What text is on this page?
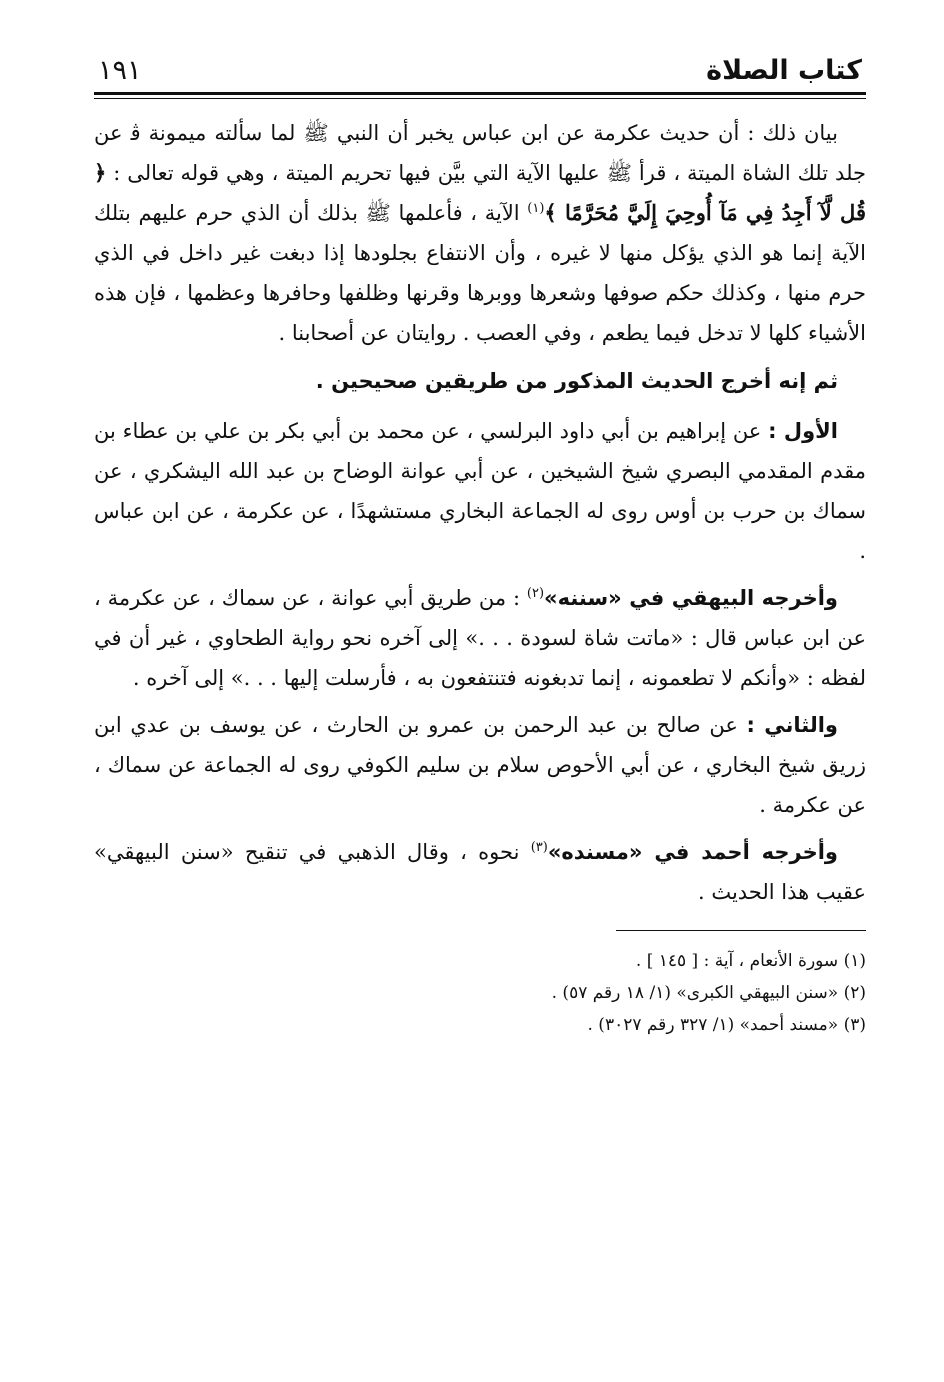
كتاب الصلاة
١٩١

بيان ذلك : أن حديث عكرمة عن ابن عباس يخبر أن النبي ﷺ لما سألته ميمونة ﭬ عن جلد تلك الشاة الميتة ، قرأ ﷺ عليها الآية التي بيَّن فيها تحريم الميتة ، وهي قوله تعالى : ﴿ قُل لَّآ أَجِدُ فِي مَآ أُوحِيَ إِلَيَّ مُحَرَّمًا ﴾$^{(١)}$ الآية ، فأعلمها ﷺ بذلك أن الذي حرم عليهم بتلك الآية إنما هو الذي يؤكل منها لا غيره ، وأن الانتفاع بجلودها إذا دبغت غير داخل في الذي حرم منها ، وكذلك حكم صوفها وشعرها ووبرها وقرنها وظلفها وحافرها وعظمها ، فإن هذه الأشياء كلها لا تدخل فيما يطعم ، وفي العصب . روايتان عن أصحابنا .

ثم إنه أخرج الحديث المذكور من طريقين صحيحين .

الأول : عن إبراهيم بن أبي داود البرلسي ، عن محمد بن أبي بكر بن علي بن عطاء بن مقدم المقدمي البصري شيخ الشيخين ، عن أبي عوانة الوضاح بن عبد الله اليشكري ، عن سماك بن حرب بن أوس روى له الجماعة البخاري مستشهدًا ، عن عكرمة ، عن ابن عباس .

وأخرجه البيهقي في «سننه»$^{(٢)}$ : من طريق أبي عوانة ، عن سماك ، عن عكرمة ، عن ابن عباس قال : «ماتت شاة لسودة . . .» إلى آخره نحو رواية الطحاوي ، غير أن في لفظه : «وأنكم لا تطعمونه ، إنما تدبغونه فتنتفعون به ، فأرسلت إليها . . .» إلى آخره .

والثاني : عن صالح بن عبد الرحمن بن عمرو بن الحارث ، عن يوسف بن عدي ابن زريق شيخ البخاري ، عن أبي الأحوص سلام بن سليم الكوفي روى له الجماعة عن سماك ، عن عكرمة .

وأخرجه أحمد في «مسنده»$^{(٣)}$ نحوه ، وقال الذهبي في تنقيح «سنن البيهقي» عقيب هذا الحديث .

(١) سورة الأنعام ، آية : [ ١٤٥ ] .
(٢) «سنن البيهقي الكبرى» (١/ ١٨ رقم ٥٧) .
(٣) «مسند أحمد» (١/ ٣٢٧ رقم ٣٠٢٧) .
